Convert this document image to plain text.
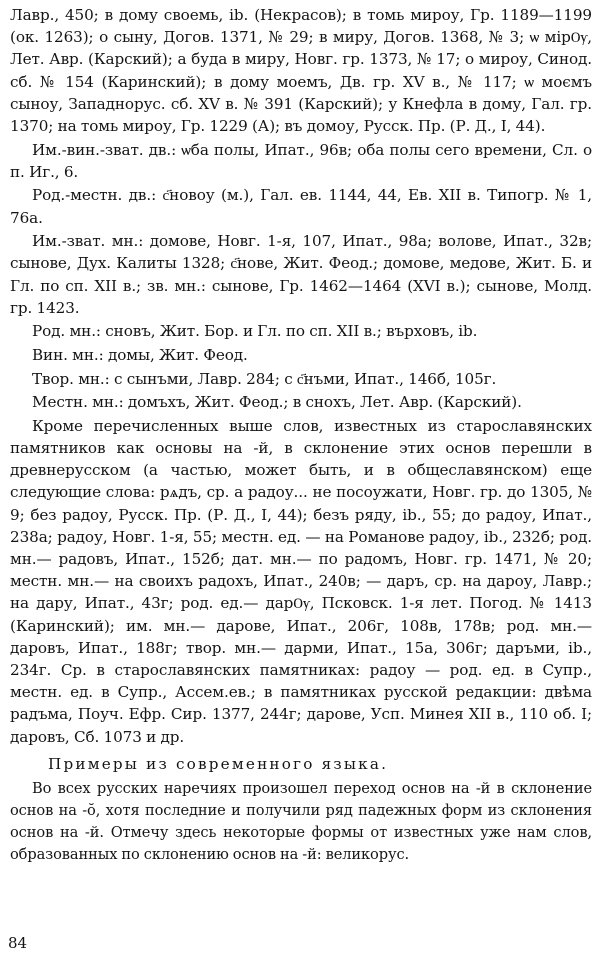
Лавр., 450; в дому своемь, ib. (Некрасов); в томь мироу, Гр. 1189—1199 (ок. 1263); о сыну, Догов. 1371, № 29; в миру, Догов. 1368, № 3; ѡ мірѸ, Лет. Авр. (Карский); а буда в миру, Новг. гр. 1373, № 17; о мироу, Синод. сб. № 154 (Каринский); в дому моемъ, Дв. гр. XV в., № 117; ѡ моємъ сыноу, Западнорус. сб. XV в. № 391 (Карский); у Кнефла в дому, Гал. гр. 1370; на томь мироу, Гр. 1229 (А); въ домоу, Русск. Пр. (Р. Д., I, 44).

Им.-вин.-зват. дв.: ѡба полы, Ипат., 96в; оба полы сего времени, Сл. о п. Иг., 6.

Род.-местн. дв.: с҃новоу (м.), Гал. ев. 1144, 44, Ев. XII в. Типогр. № 1, 76а.

Им.-зват. мн.: домове, Новг. 1-я, 107, Ипат., 98а; волове, Ипат., 32в; сынове, Дух. Калиты 1328; с҃нове, Жит. Феод.; домове, медове, Жит. Б. и Гл. по сп. XII в.; зв. мн.: сынове, Гр. 1462—1464 (XVI в.); сынове, Молд. гр. 1423.

Род. мн.: сновъ, Жит. Бор. и Гл. по сп. XII в.; върховъ, ib.

Вин. мн.: домы, Жит. Феод.

Твор. мн.: с сынъми, Лавр. 284; с с҃нъми, Ипат., 146б, 105г.

Местн. мн.: домъхъ, Жит. Феод.; в снохъ, Лет. Авр. (Карский).

Кроме перечисленных выше слов, известных из старославянских памятников как основы на -й, в склонение этих основ перешли в древнерусском (а частью, может быть, и в общеславянском) еще следующие слова: рѧдъ, ср. а радоу... не посоужати, Новг. гр. до 1305, № 9; без радоу, Русск. Пр. (Р. Д., I, 44); безъ ряду, ib., 55; до радоу, Ипат., 238а; радоу, Новг. 1-я, 55; местн. ед. — на Романове радоу, ib., 232б; род. мн.— радовъ, Ипат., 152б; дат. мн.— по радомъ, Новг. гр. 1471, № 20; местн. мн.— на своихъ радохъ, Ипат., 240в; — даръ, ср. на дароу, Лавр.; на дару, Ипат., 43г; род. ед.— дарѸ, Псковск. 1-я лет. Погод. № 1413 (Каринский); им. мн.— дарове, Ипат., 206г, 108в, 178в; род. мн.— даровъ, Ипат., 188г; твор. мн.— дарми, Ипат., 15а, 306г; даръми, ib., 234г. Ср. в старославянских памятниках: радоу — род. ед. в Супр., местн. ед. в Супр., Ассем.ев.; в памятниках русской редакции: двѣма радъма, Поуч. Ефр. Сир. 1377, 244г; дарове, Усп. Минея XII в., 110 об. I; даровъ, Сб. 1073 и др.

Примеры из современного языка.

Во всех русских наречиях произошел переход основ на -й в склонение основ на -ŏ, хотя последние и получили ряд падежных форм из склонения основ на -й. Отмечу здесь некоторые формы от известных уже нам слов, образованных по склонению основ на -й: великорус.

84
